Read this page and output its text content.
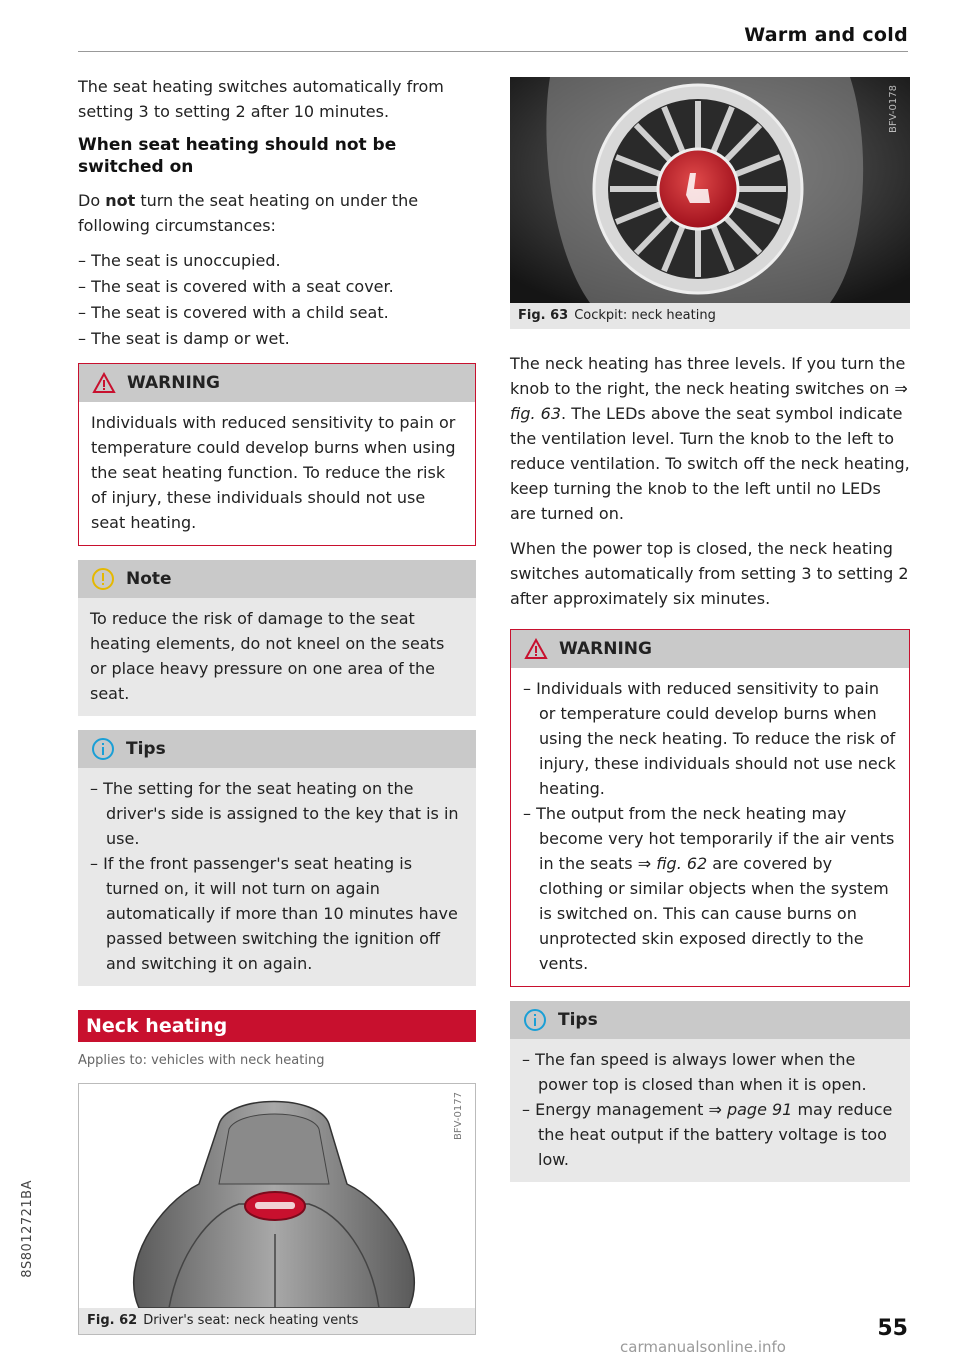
Warm and cold

The seat heating switches automatically from setting 3 to setting 2 after 10 minutes.

When seat heating should not be switched on

Do not turn the seat heating on under the following circumstances:

– The seat is unoccupied.
– The seat is covered with a seat cover.
– The seat is covered with a child seat.
– The seat is damp or wet.
WARNING
Individuals with reduced sensitivity to pain or temperature could develop burns when using the seat heating function. To reduce the risk of injury, these individuals should not use seat heating.
Note
To reduce the risk of damage to the seat heating elements, do not kneel on the seats or place heavy pressure on one area of the seat.
Tips
– The setting for the seat heating on the driver's side is assigned to the key that is in use.
– If the front passenger's seat heating is turned on, it will not turn on again automatically if more than 10 minutes have passed between switching the ignition off and switching it on again.
Neck heating
Applies to: vehicles with neck heating
BFV-0177
Fig. 62 Driver's seat: neck heating vents
BFV-0178
Fig. 63 Cockpit: neck heating

The neck heating has three levels. If you turn the knob to the right, the neck heating switches on ⇒ fig. 63. The LEDs above the seat symbol indicate the ventilation level. Turn the knob to the left to reduce ventilation. To switch off the neck heating, keep turning the knob to the left until no LEDs are turned on.

When the power top is closed, the neck heating switches automatically from setting 3 to setting 2 after approximately six minutes.

WARNING
– Individuals with reduced sensitivity to pain or temperature could develop burns when using the neck heating. To reduce the risk of injury, these individuals should not use neck heating.
– The output from the neck heating may become very hot temporarily if the air vents in the seats ⇒ fig. 62 are covered by clothing or similar objects when the system is switched on. This can cause burns on unprotected skin exposed directly to the vents.
Tips
– The fan speed is always lower when the power top is closed than when it is open.
– Energy management ⇒ page 91 may reduce the heat output if the battery voltage is too low.
8S8012721BA
55
carmanualsonline.info
